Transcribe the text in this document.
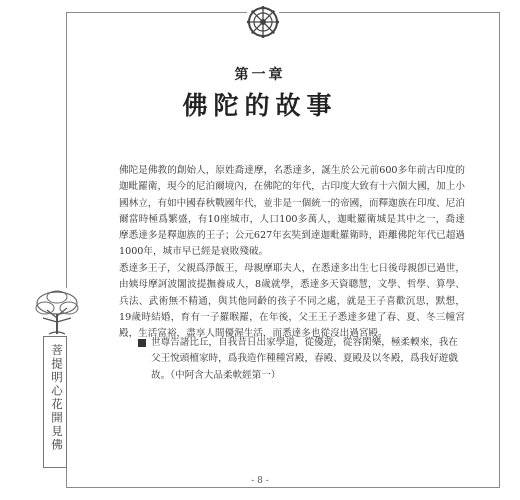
第一章
佛陀的故事
佛陀是佛教的創始人，原姓喬達摩，名悉達多，誕生於公元前600多年前古印度的迦毗羅衛，現今的尼泊爾境內，在佛陀的年代，古印度大致有十六個大國，加上小國林立，有如中國春秋戰國年代，並非是一個統一的帝國，而釋迦族在印度、尼泊爾當時極爲繁盛，有10座城市，人口100多萬人，迦毗羅衛城是其中之一，喬達摩悉達多是釋迦族的王子；公元627年玄奘到達迦毗羅衛時，距離佛陀年代已超過1000年，城市早已經是衰敗殘破。
悉達多王子，父親爲淨飯王，母親摩耶夫人，在悉達多出生七日後母親卽已過世，由姨母摩訶波闍波提撫養成人，8歲就學，悉達多天資聰慧，文學、哲學、算學、兵法、武術無不精通，與其他同齡的孩子不同之處，就是王子喜歡沉思，默想，19歲時結婚，育有一子羅睺羅，在年後，父王王子悉達多建了春、夏、冬三幢宮殿，生活富裕，盡享人間優渥生活，而悉達多也從沒出過宮殿。
世尊告諸比丘，自我昔日出家學道，從優遊，從容閑樂，極柔輭來，我在父王悅頭檀家時，爲我造作種種宮殿，春殿、夏殿及以冬殿，爲我好遊戲故。（中阿含大品柔軟經第一）
菩提明心花開見佛
- 8 -
